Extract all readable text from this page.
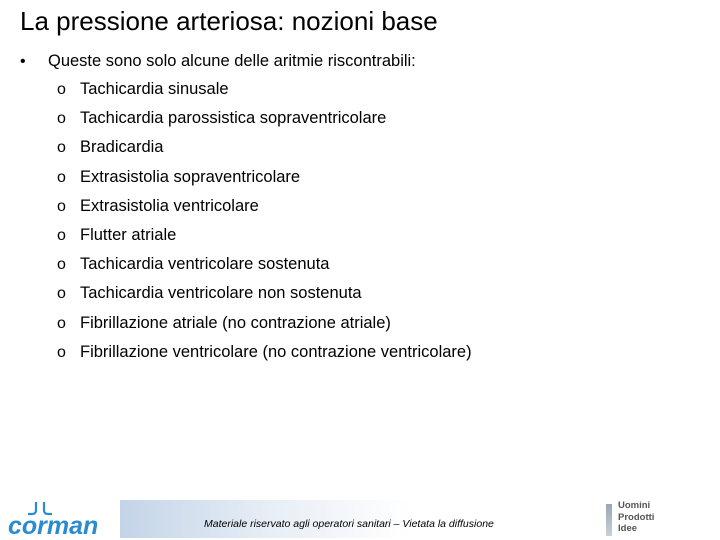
La pressione arteriosa: nozioni base
•	Queste sono solo alcune delle aritmie riscontrabili:
o Tachicardia sinusale
o Tachicardia parossistica sopraventricolare
o Bradicardia
o Extrasistolia sopraventricolare
o Extrasistolia ventricolare
o Flutter atriale
o Tachicardia ventricolare sostenuta
o Tachicardia ventricolare non sostenuta
o Fibrillazione atriale (no contrazione atriale)
o Fibrillazione ventricolare (no contrazione ventricolare)
Materiale riservato agli operatori sanitari – Vietata la diffusione
corman
Uomini
Prodotti
Idee
